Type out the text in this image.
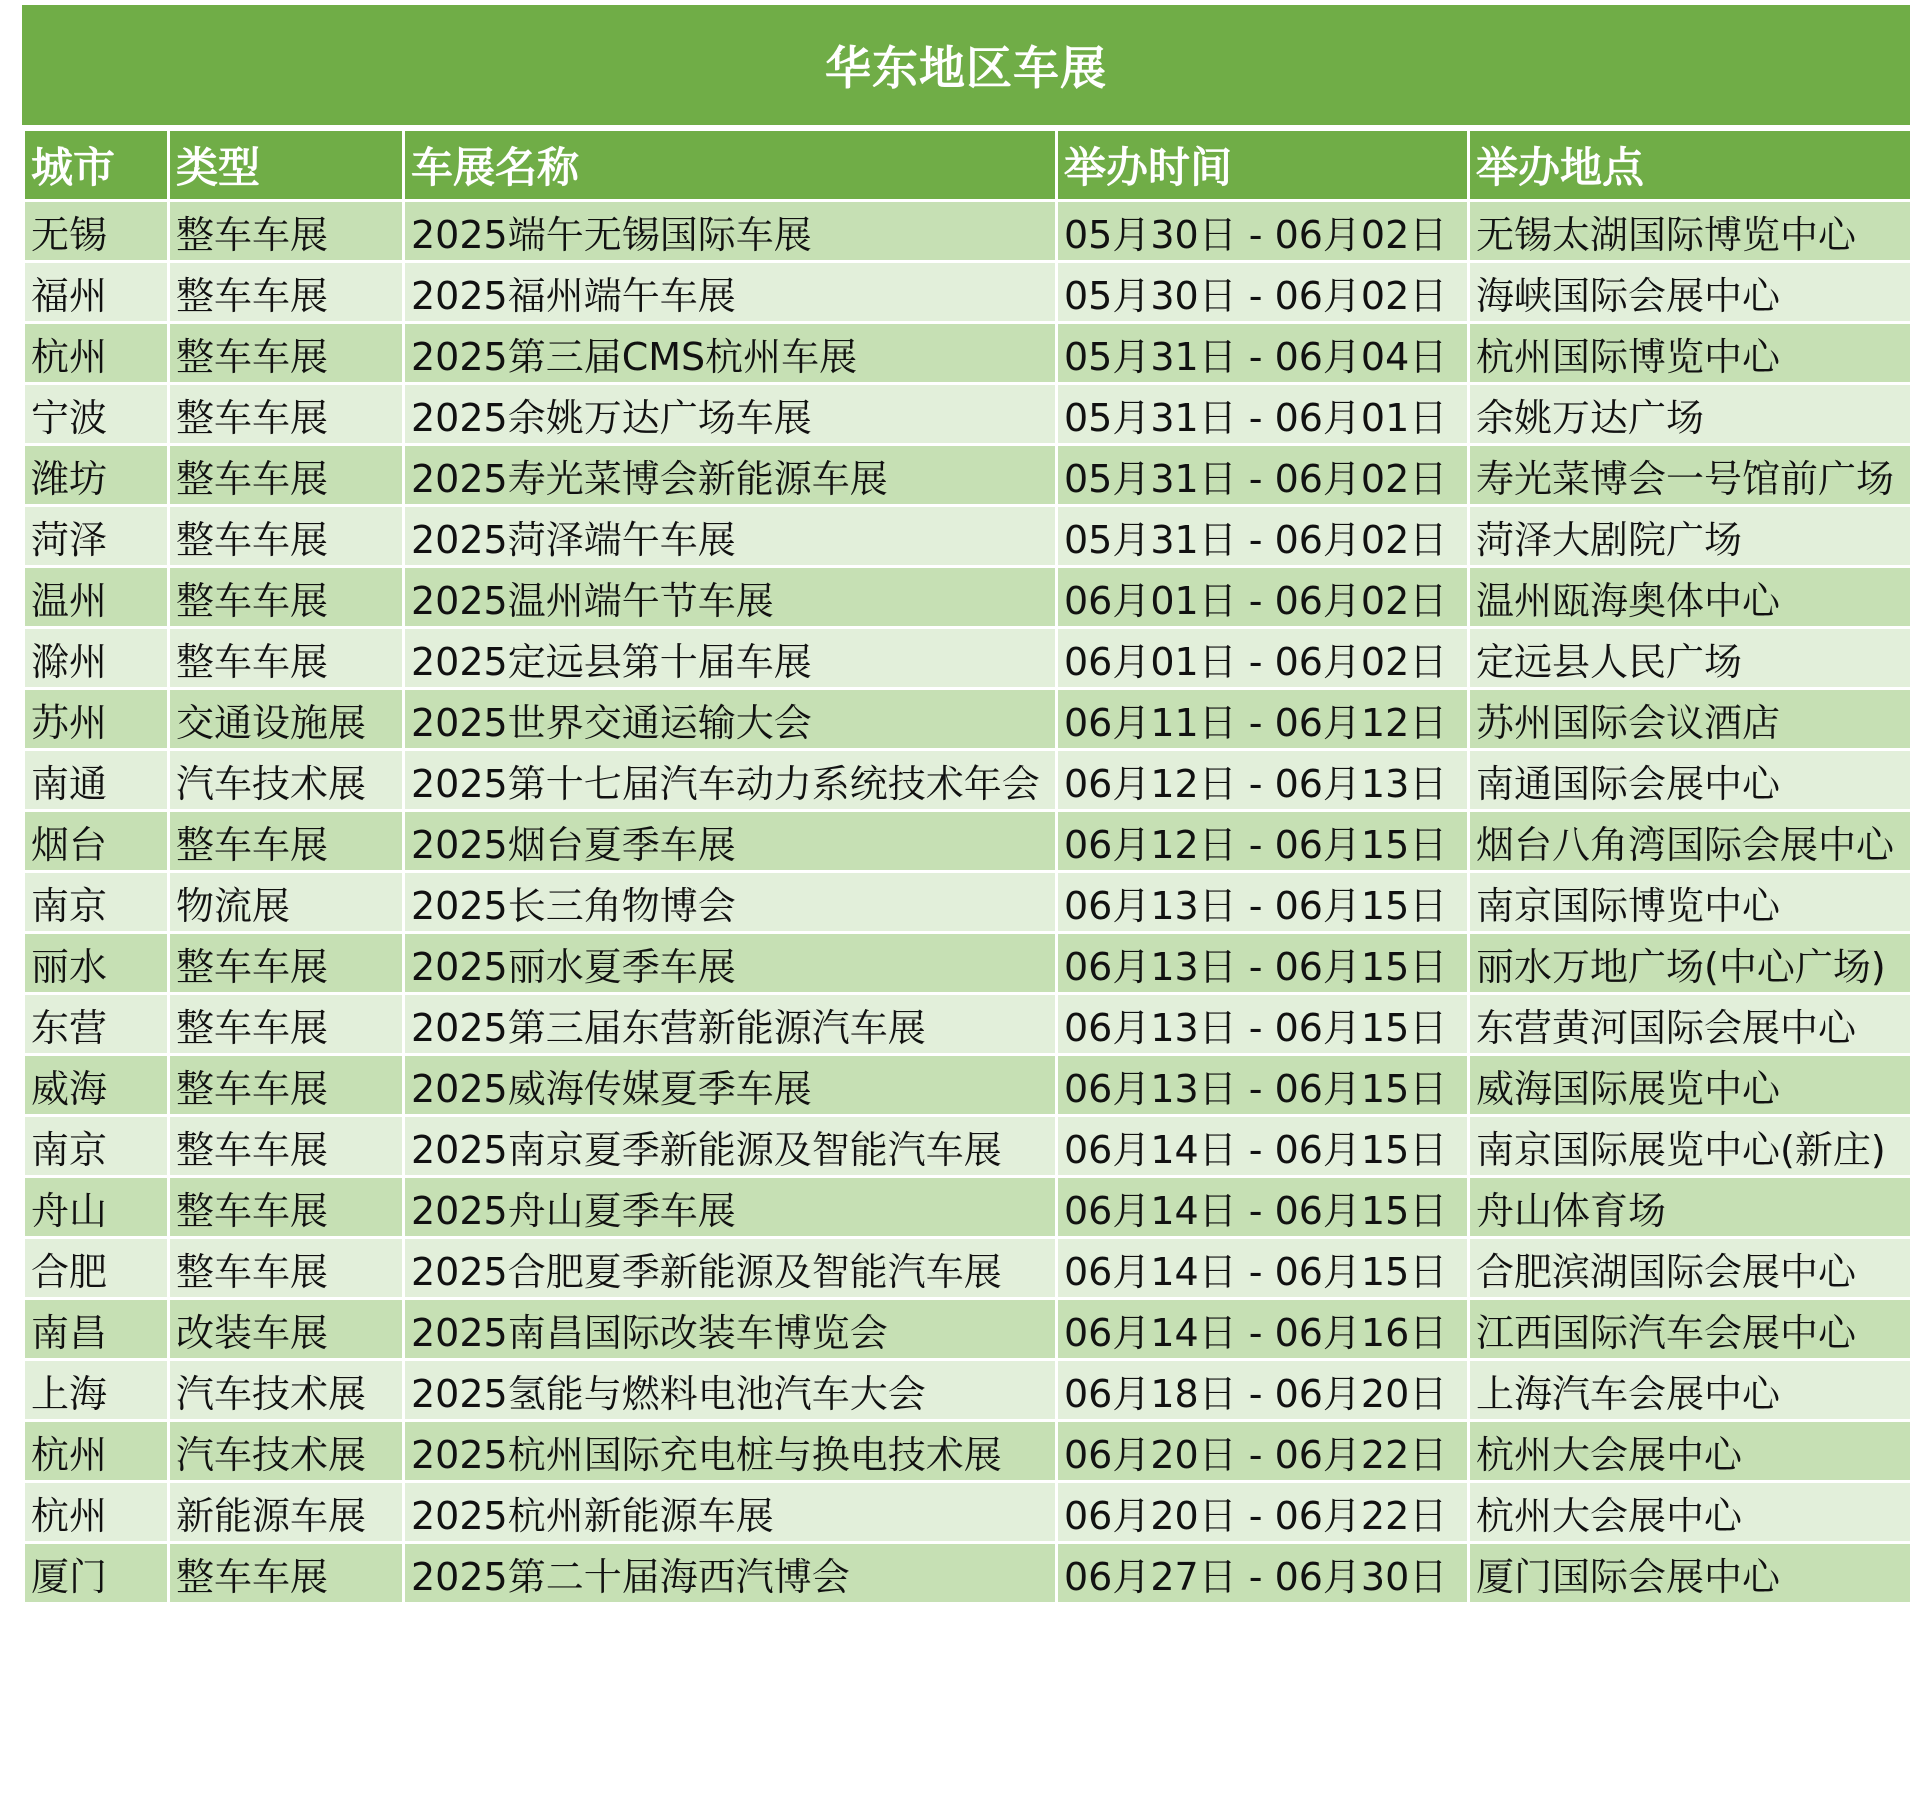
华东地区车展
城市	类型	车展名称	举办时间	举办地点
无锡	整车车展	2025端午无锡国际车展	05月30日 - 06月02日	无锡太湖国际博览中心
福州	整车车展	2025福州端午车展	05月30日 - 06月02日	海峡国际会展中心
杭州	整车车展	2025第三届CMS杭州车展	05月31日 - 06月04日	杭州国际博览中心
宁波	整车车展	2025余姚万达广场车展	05月31日 - 06月01日	余姚万达广场
潍坊	整车车展	2025寿光菜博会新能源车展	05月31日 - 06月02日	寿光菜博会一号馆前广场
菏泽	整车车展	2025菏泽端午车展	05月31日 - 06月02日	菏泽大剧院广场
温州	整车车展	2025温州端午节车展	06月01日 - 06月02日	温州瓯海奥体中心
滁州	整车车展	2025定远县第十届车展	06月01日 - 06月02日	定远县人民广场
苏州	交通设施展	2025世界交通运输大会	06月11日 - 06月12日	苏州国际会议酒店
南通	汽车技术展	2025第十七届汽车动力系统技术年会	06月12日 - 06月13日	南通国际会展中心
烟台	整车车展	2025烟台夏季车展	06月12日 - 06月15日	烟台八角湾国际会展中心
南京	物流展	2025长三角物博会	06月13日 - 06月15日	南京国际博览中心
丽水	整车车展	2025丽水夏季车展	06月13日 - 06月15日	丽水万地广场(中心广场)
东营	整车车展	2025第三届东营新能源汽车展	06月13日 - 06月15日	东营黄河国际会展中心
威海	整车车展	2025威海传媒夏季车展	06月13日 - 06月15日	威海国际展览中心
南京	整车车展	2025南京夏季新能源及智能汽车展	06月14日 - 06月15日	南京国际展览中心(新庄)
舟山	整车车展	2025舟山夏季车展	06月14日 - 06月15日	舟山体育场
合肥	整车车展	2025合肥夏季新能源及智能汽车展	06月14日 - 06月15日	合肥滨湖国际会展中心
南昌	改装车展	2025南昌国际改装车博览会	06月14日 - 06月16日	江西国际汽车会展中心
上海	汽车技术展	2025氢能与燃料电池汽车大会	06月18日 - 06月20日	上海汽车会展中心
杭州	汽车技术展	2025杭州国际充电桩与换电技术展	06月20日 - 06月22日	杭州大会展中心
杭州	新能源车展	2025杭州新能源车展	06月20日 - 06月22日	杭州大会展中心
厦门	整车车展	2025第二十届海西汽博会	06月27日 - 06月30日	厦门国际会展中心
